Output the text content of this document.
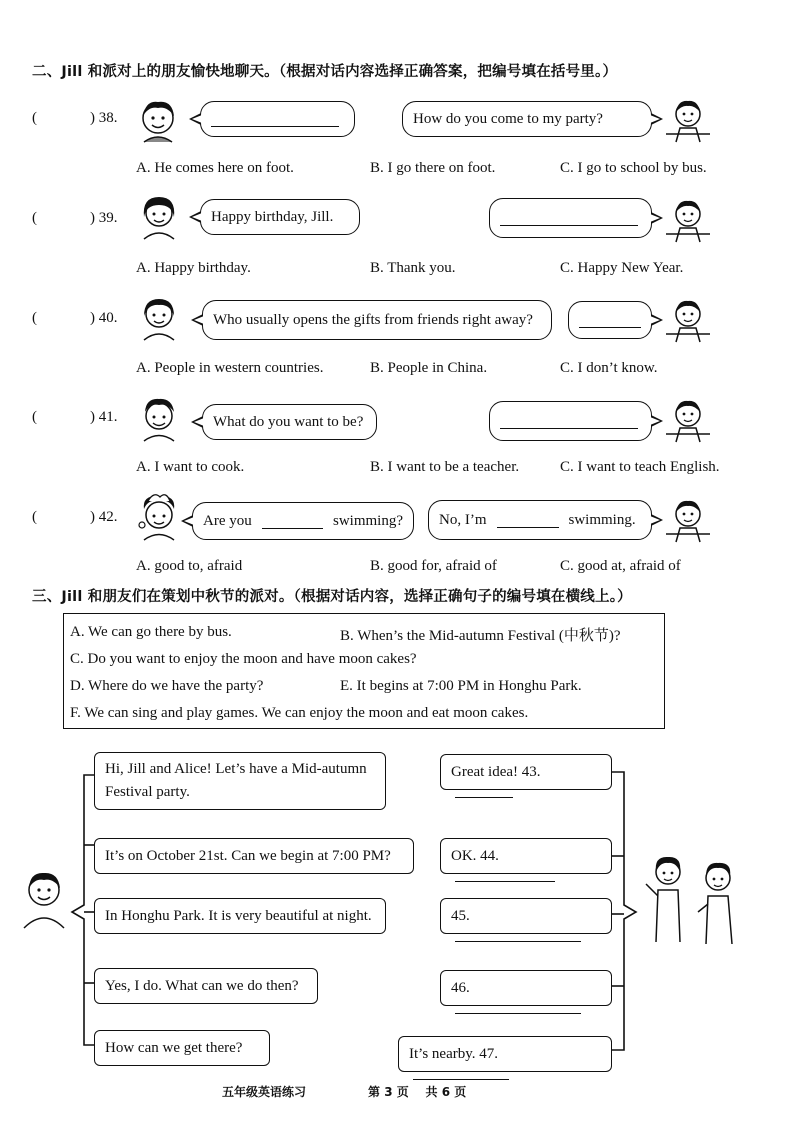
二、Jill 和派对上的朋友愉快地聊天。（根据对话内容选择正确答案，把编号填在括号里。）
(	) 38.	How do you come to my party?
A. He comes here on foot.	B. I go there on foot.	C. I go to school by bus.
(	) 39.	Happy birthday, Jill.
A. Happy birthday.	B. Thank you.	C. Happy New Year.
(	) 40.	Who usually opens the gifts from friends right away?
A. People in western countries.	B. People in China.	C. I don’t know.
(	) 41.	What do you want to be?
A. I want to cook.	B. I want to be a teacher.	C. I want to teach English.
(	) 42.	Are you	swimming? No, I’m	swimming.
A. good to, afraid	B. good for, afraid of	C. good at, afraid of
三、Jill 和朋友们在策划中秋节的派对。（根据对话内容，选择正确句子的编号填在横线上。）
A. We can go there by bus.	B. When’s the Mid-autumn Festival (中秋节)?
C. Do you want to enjoy the moon and have moon cakes?
D. Where do we have the party?	E. It begins at 7:00 PM in Honghu Park.
F. We can sing and play games. We can enjoy the moon and eat moon cakes.
Hi, Jill and Alice! Let’s have a Mid-autumn
Festival party.
It’s on October 21st. Can we begin at 7:00 PM?
In Honghu Park. It is very beautiful at night.
Yes, I do. What can we do then?
How can we get there?
Great idea! 43.
OK. 44.
45.
46.
It’s nearby. 47.
五年级英语练习	第 3 页 共 6 页
